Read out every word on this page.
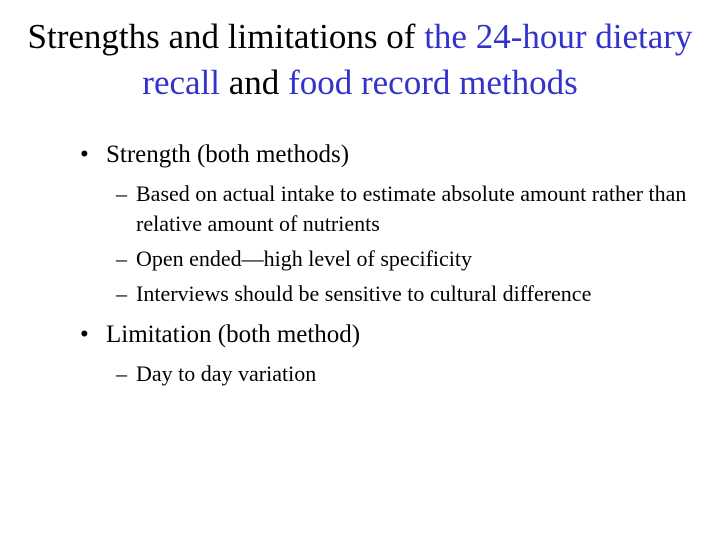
Strengths and limitations of the 24-hour dietary recall and food record methods
• Strength (both methods)
– Based on actual intake to estimate absolute amount rather than relative amount of nutrients
– Open ended—high level of specificity
– Interviews should be sensitive to cultural difference
• Limitation (both method)
– Day to day variation
